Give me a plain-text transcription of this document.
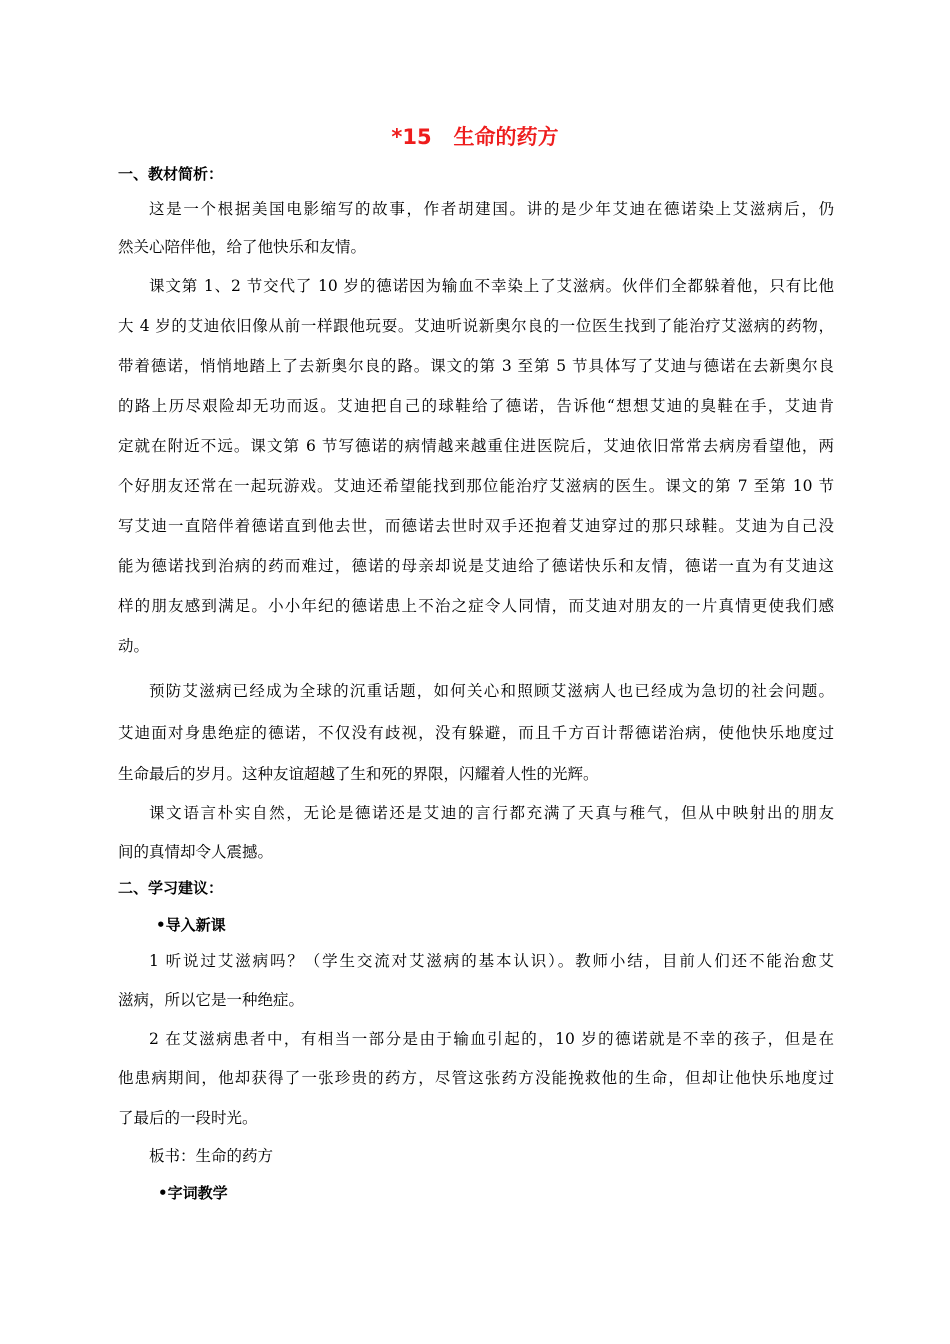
*15   生命的药方
一、教材简析：
这是一个根据美国电影缩写的故事，作者胡建国。讲的是少年艾迪在德诺染上艾滋病后，仍
然关心陪伴他，给了他快乐和友情。
课文第 1、2 节交代了 10 岁的德诺因为输血不幸染上了艾滋病。伙伴们全都躲着他，只有比他
大 4 岁的艾迪依旧像从前一样跟他玩耍。艾迪听说新奥尔良的一位医生找到了能治疗艾滋病的药物，
带着德诺，悄悄地踏上了去新奥尔良的路。课文的第 3 至第 5 节具体写了艾迪与德诺在去新奥尔良
的路上历尽艰险却无功而返。艾迪把自己的球鞋给了德诺，告诉他“想想艾迪的臭鞋在手，艾迪肯
定就在附近不远。课文第 6 节写德诺的病情越来越重住进医院后，艾迪依旧常常去病房看望他，两
个好朋友还常在一起玩游戏。艾迪还希望能找到那位能治疗艾滋病的医生。课文的第 7 至第 10 节
写艾迪一直陪伴着德诺直到他去世，而德诺去世时双手还抱着艾迪穿过的那只球鞋。艾迪为自己没
能为德诺找到治病的药而难过，德诺的母亲却说是艾迪给了德诺快乐和友情，德诺一直为有艾迪这
样的朋友感到满足。小小年纪的德诺患上不治之症令人同情，而艾迪对朋友的一片真情更使我们感
动。
预防艾滋病已经成为全球的沉重话题，如何关心和照顾艾滋病人也已经成为急切的社会问题。
艾迪面对身患绝症的德诺，不仅没有歧视，没有躲避，而且千方百计帮德诺治病，使他快乐地度过
生命最后的岁月。这种友谊超越了生和死的界限，闪耀着人性的光辉。
课文语言朴实自然，无论是德诺还是艾迪的言行都充满了天真与稚气，但从中映射出的朋友
间的真情却令人震撼。
二、学习建议：
•导入新课
1 听说过艾滋病吗？（学生交流对艾滋病的基本认识）。教师小结，目前人们还不能治愈艾
滋病，所以它是一种绝症。
2 在艾滋病患者中，有相当一部分是由于输血引起的，10 岁的德诺就是不幸的孩子，但是在
他患病期间，他却获得了一张珍贵的药方，尽管这张药方没能挽救他的生命，但却让他快乐地度过
了最后的一段时光。
板书：生命的药方
•字词教学
